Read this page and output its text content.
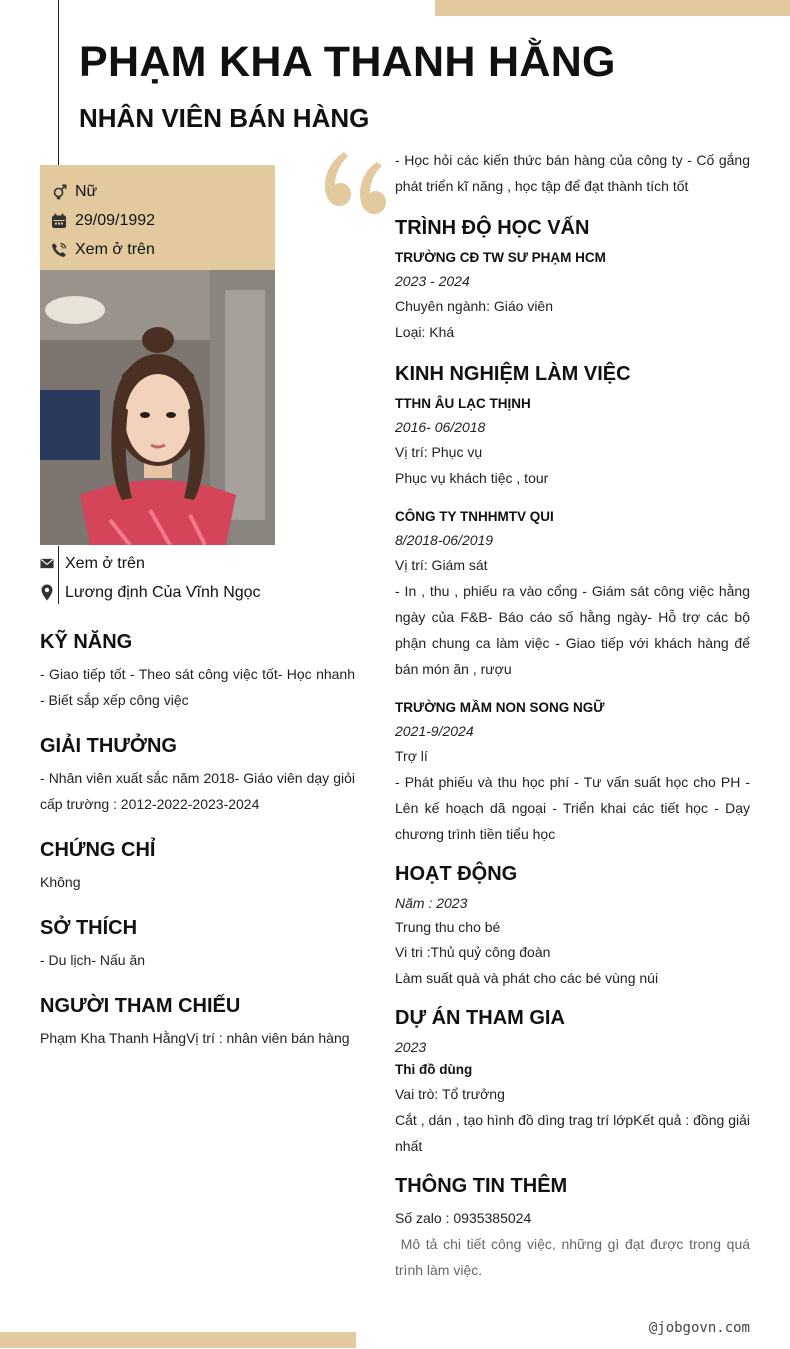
PHẠM KHA THANH HẰNG
NHÂN VIÊN BÁN HÀNG
Nữ
29/09/1992
Xem ở trên
Xem ở trên
Lương định Của Vĩnh Ngọc
KỸ NĂNG

- Giao tiếp tốt - Theo sát công việc tốt- Học nhanh - Biết sắp xếp công việc

GIẢI THƯỞNG

- Nhân viên xuất sắc năm 2018- Giáo viên dạy giỏi cấp trường : 2012-2022-2023-2024

CHỨNG CHỈ

Không

SỞ THÍCH

- Du lịch- Nấu ăn

NGƯỜI THAM CHIẾU

Phạm Kha Thanh HằngVị trí : nhân viên bán hàng

- Học hỏi các kiến thức bán hàng của công ty - Cố gắng phát triển kĩ năng , học tập để đạt thành tích tốt

TRÌNH ĐỘ HỌC VẤN
TRƯỜNG CĐ TW SƯ PHẠM HCM
2023 - 2024
Chuyên ngành: Giáo viên
Loại: Khá
KINH NGHIỆM LÀM VIỆC
TTHN ÂU LẠC THỊNH
2016- 06/2018
Vị trí: Phục vụ
Phục vụ khách tiệc , tour
CÔNG TY TNHHMTV QUI
8/2018-06/2019
Vị trí: Giám sát
- In , thu , phiếu ra vào cổng - Giám sát công việc hằng ngày của F&B- Báo cáo số hằng ngày- Hỗ trợ các bộ phận chung ca làm việc - Giao tiếp với khách hàng để bán món ăn , rượu
TRƯỜNG MẦM NON SONG NGỮ
2021-9/2024
Trợ lí
- Phát phiếu và thu học phí - Tư vấn suất học cho PH - Lên kế hoạch dã ngoại - Triển khai các tiết học - Dạy chương trình tiền tiểu học
HOẠT ĐỘNG
Năm : 2023
Trung thu cho bé
Vi tri :Thủ quỷ công đoàn
Làm suất quà và phát cho các bé vùng núi
DỰ ÁN THAM GIA
2023
Thi đồ dùng
Vai trò: Tổ trưởng
Cắt , dán , tạo hình đồ dìng trag trí lớpKết quả : đồng giải nhất
THÔNG TIN THÊM
Số zalo : 0935385024
Mô tả chi tiết công việc, những gì đạt được trong quá trình làm việc.
@jobgovn.com
